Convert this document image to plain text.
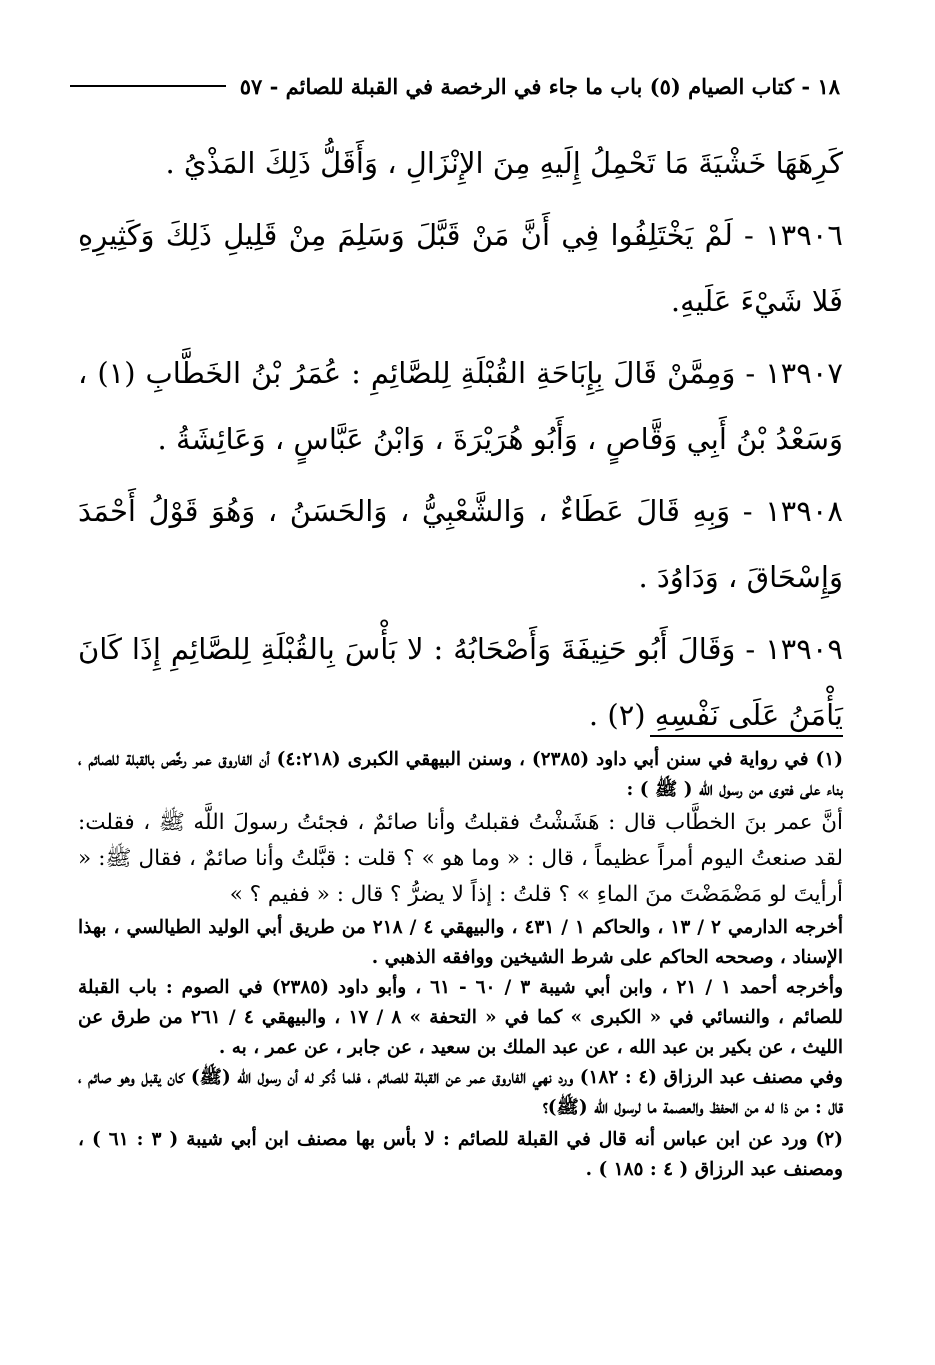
١٨ - كتاب الصيام (٥) باب ما جاء في الرخصة في القبلة للصائم - ٥٧

كَرِهَهَا خَشْيَةَ مَا تَحْمِلُ إِلَيهِ مِنَ الإِنْزَالِ ، وَأَقَلُّ ذَلِكَ المَذْيُ .

١٣٩٠٦ - لَمْ يَخْتَلِفُوا فِي أَنَّ مَنْ قَبَّلَ وَسَلِمَ مِنْ قَلِيلِ ذَلِكَ وَكَثِيرِهِ فَلا شَيْءَ عَلَيهِ.

١٣٩٠٧ - وَمِمَّنْ قَالَ بِإِبَاحَةِ القُبْلَةِ لِلصَّائِمِ : عُمَرُ بْنُ الخَطَّابِ (١) ، وَسَعْدُ بْنُ أَبِي وَقَّاصٍ ، وَأَبُو هُرَيْرَةَ ، وَابْنُ عَبَّاسٍ ، وَعَائِشَةُ .

١٣٩٠٨ - وَبِهِ قَالَ عَطَاءٌ ، وَالشَّعْبِيُّ ، وَالحَسَنُ ، وَهُوَ قَوْلُ أَحْمَدَ وَإِسْحَاقَ ، وَدَاوُدَ .

١٣٩٠٩ - وَقَالَ أَبُو حَنِيفَةَ وَأَصْحَابُهُ : لا بَأْسَ بِالقُبْلَةِ لِلصَّائِمِ إِذَا كَانَ يَأْمَنُ عَلَى نَفْسِهِ (٢) .

(١) في رواية في سنن أبي داود (٢٣٨٥) ، وسنن البيهقي الكبرى (٤:٢١٨) أن الفاروق عمر رخَّص بالقبلة للصائم ، بناء على فتوى من رسول الله ( ﷺ ) :

أنَّ عمر بنَ الخطَّاب قال : هَشَشْتُ فقبلتُ وأنا صائمٌ ، فجئتُ رسولَ اللَّه ﷺ ، فقلت: لقد صنعتُ اليوم أمراً عظيماً ، قال : « وما هو » ؟ قلت : قبَّلتُ وأنا صائمٌ ، فقال ﷺ: « أرأيتَ لو مَضْمَضْتَ منَ الماءِ » ؟ قلتُ : إذاً لا يضرُّ ؟ قال : « ففيم ؟ »

أخرجه الدارمي ٢ / ١٣ ، والحاكم ١ / ٤٣١ ، والبيهقي ٤ / ٢١٨ من طريق أبي الوليد الطيالسي ، بهذا الإسناد ، وصححه الحاكم على شرط الشيخين ووافقه الذهبي .

وأخرجه أحمد ١ / ٢١ ، وابن أبي شيبة ٣ / ٦٠ - ٦١ ، وأبو داود (٢٣٨٥) في الصوم : باب القبلة للصائم ، والنسائي في « الكبرى » كما في « التحفة » ٨ / ١٧ ، والبيهقي ٤ / ٢٦١ من طرق عن الليث ، عن بكير بن عبد الله ، عن عبد الملك بن سعيد ، عن جابر ، عن عمر ، به .

وفي مصنف عبد الرزاق (٤ : ١٨٢) ورد نهي الفاروق عمر عن القبلة للصائم ، فلما ذُكر له أن رسول الله (ﷺ) كان يقبل وهو صائم ، قال : من ذا له من الحفظ والعصمة ما لرسول الله (ﷺ)؟

(٢) ورد عن ابن عباس أنه قال في القبلة للصائم : لا بأس بها مصنف ابن أبي شيبة ( ٣ : ٦١ ) ، ومصنف عبد الرزاق ( ٤ : ١٨٥ ) .
